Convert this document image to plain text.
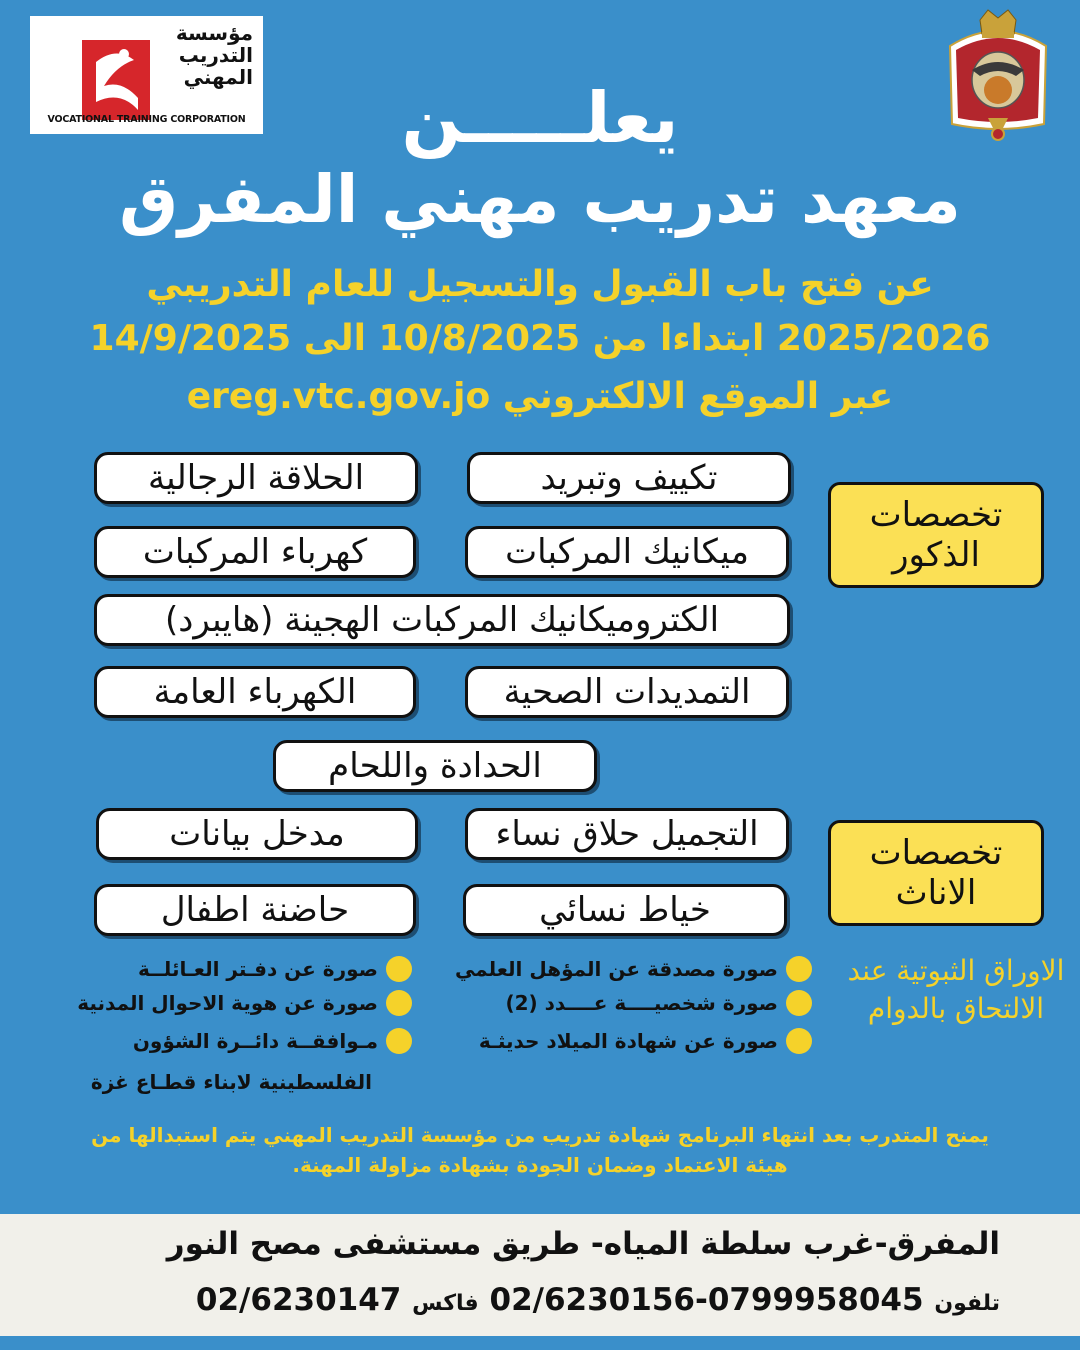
مؤسسة
التدريب
المهني
VOCATIONAL TRAINING CORPORATION	يعلـــــن
معهد تدريب مهني المفرق
عن فتح باب القبول والتسجيل للعام التدريبي
2025/2026 ابتداءا من 10/8/2025 الى 14/9/2025
عبر الموقع الالكتروني ereg.vtc.gov.jo
تخصصات الذكور
تخصصات الاناث
تكييف وتبريد
الحلاقة الرجالية
ميكانيك المركبات
كهرباء المركبات
الكتروميكانيك المركبات الهجينة (هايبرد)
التمديدات الصحية
الكهرباء العامة
الحدادة واللحام
التجميل حلاق نساء
مدخل بيانات
خياط نسائي
حاضنة اطفال
الاوراق الثبوتية عند الالتحاق بالدوام
صورة مصدقة عن المؤهل العلمي
صورة شخصيــــة عــــدد (2)
صورة عن شهادة الميلاد حديثـة
صورة عن دفـتر العـائلــة
صورة عن هوية الاحوال المدنية
مـوافقــة دائــرة الشؤون
الفلسطينية لابناء قطـاع غزة
يمنح المتدرب بعد انتهاء البرنامج شهادة تدريب من مؤسسة التدريب المهني يتم استبدالها من
هيئة الاعتماد وضمان الجودة بشهادة مزاولة المهنة.
المفرق-غرب سلطة المياه- طريق مستشفى مصح النور
تلفون 0799958045-02/6230156 فاكس 02/6230147
